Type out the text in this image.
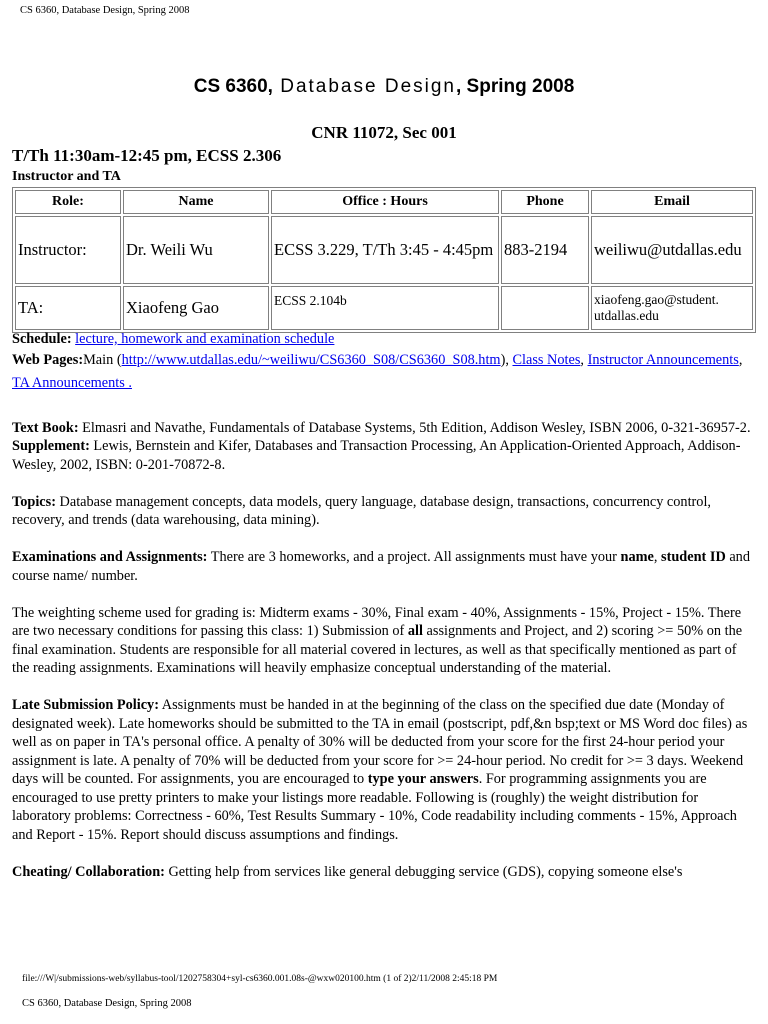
CS 6360, Database Design, Spring 2008
CS 6360, Database Design, Spring 2008
CNR 11072, Sec 001
T/Th 11:30am-12:45 pm, ECSS 2.306
Instructor and TA
Role:	Name	Office : Hours	Phone	Email
Instructor:	Dr. Weili Wu	ECSS 3.229, T/Th 3:45 - 4:45pm	883-2194	weiliwu@utdallas.edu
TA:	Xiaofeng Gao	ECSS 2.104b		xiaofeng.gao@student. utdallas.edu

Schedule: lecture, homework and examination schedule

Web Pages:Main (http://www.utdallas.edu/~weiliwu/CS6360_S08/CS6360_S08.htm), Class Notes, Instructor Announcements, TA Announcements .

Text Book: Elmasri and Navathe, Fundamentals of Database Systems, 5th Edition, Addison Wesley, ISBN 2006, 0-321-36957-2.

Supplement: Lewis, Bernstein and Kifer, Databases and Transaction Processing, An Application-Oriented Approach, Addison-Wesley, 2002, ISBN: 0-201-70872-8.

Topics: Database management concepts, data models, query language, database design, transactions, concurrency control, recovery, and trends (data warehousing, data mining).

Examinations and Assignments: There are 3 homeworks, and a project. All assignments must have your name, student ID and course name/ number.

The weighting scheme used for grading is: Midterm exams - 30%, Final exam - 40%, Assignments - 15%, Project - 15%. There are two necessary conditions for passing this class: 1) Submission of all assignments and Project, and 2) scoring >= 50% on the final examination. Students are responsible for all material covered in lectures, as well as that specifically mentioned as part of the reading assignments. Examinations will heavily emphasize conceptual understanding of the material.

Late Submission Policy: Assignments must be handed in at the beginning of the class on the specified due date (Monday of designated week). Late homeworks should be submitted to the TA in email (postscript, pdf,&n bsp;text or MS Word doc files) as well as on paper in TA's personal office. A penalty of 30% will be deducted from your score for the first 24-hour period your assignment is late. A penalty of 70% will be deducted from your score for >= 24-hour period. No credit for >= 3 days. Weekend days will be counted. For assignments, you are encouraged to type your answers. For programming assignments you are encouraged to use pretty printers to make your listings more readable. Following is (roughly) the weight distribution for laboratory problems: Correctness - 60%, Test Results Summary - 10%, Code readability including comments - 15%, Approach and Report - 15%. Report should discuss assumptions and findings.

Cheating/ Collaboration: Getting help from services like general debugging service (GDS), copying someone else's

file:///W|/submissions-web/syllabus-tool/1202758304+syl-cs6360.001.08s-@wxw020100.htm (1 of 2)2/11/2008 2:45:18 PM
CS 6360, Database Design, Spring 2008
